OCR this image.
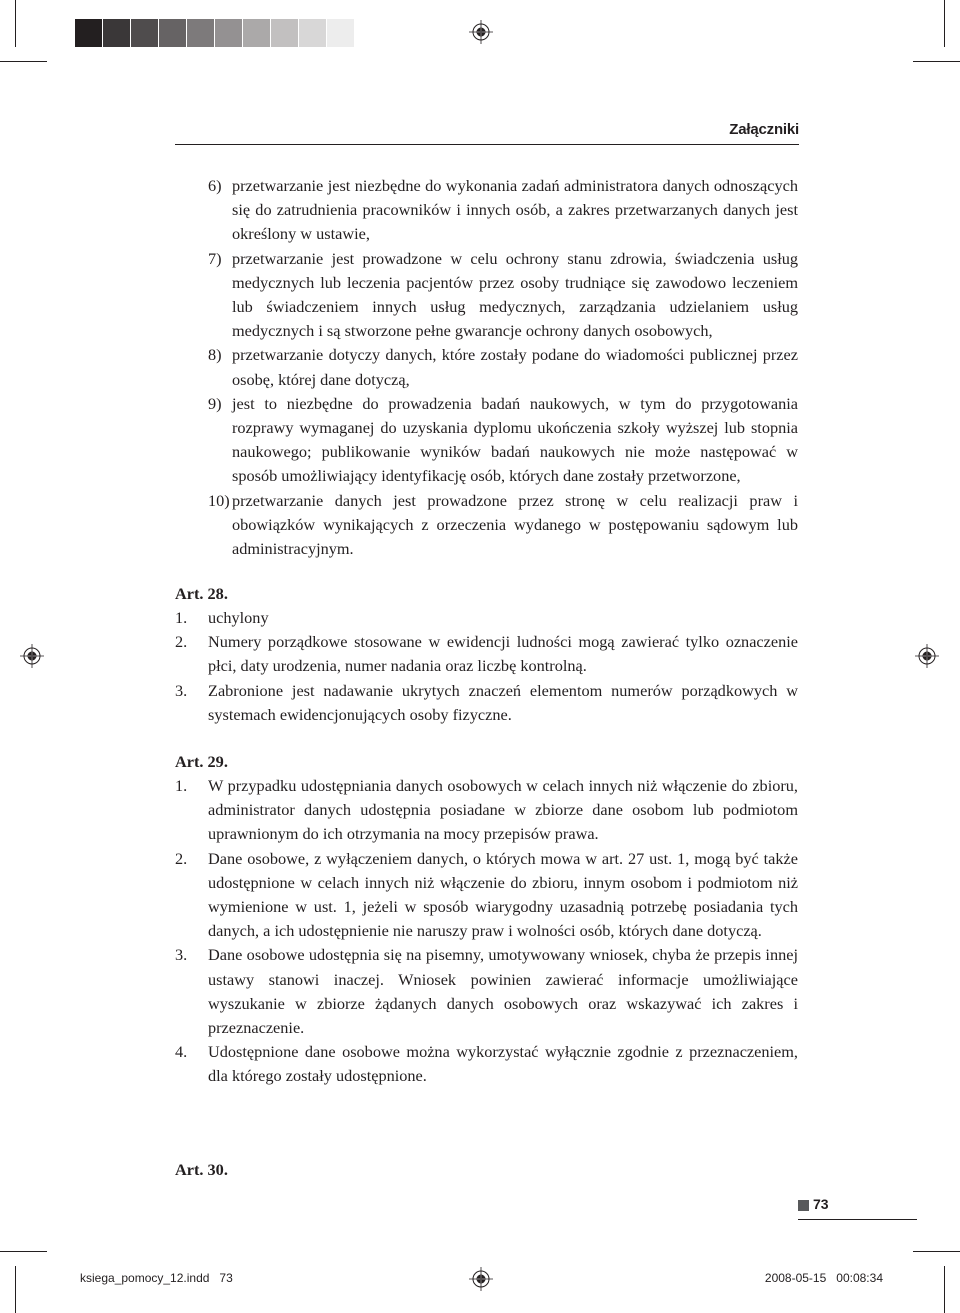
Załączniki
6) przetwarzanie jest niezbędne do wykonania zadań administratora danych odnoszących się do zatrudnienia pracowników i innych osób, a zakres przetwarzanych danych jest określony w ustawie,
7) przetwarzanie jest prowadzone w celu ochrony stanu zdrowia, świadczenia usług medycznych lub leczenia pacjentów przez osoby trudniące się zawodowo leczeniem lub świadczeniem innych usług medycznych, zarządzania udzielaniem usług medycznych i są stworzone pełne gwarancje ochrony danych osobowych,
8) przetwarzanie dotyczy danych, które zostały podane do wiadomości publicznej przez osobę, której dane dotyczą,
9) jest to niezbędne do prowadzenia badań naukowych, w tym do przygotowania rozprawy wymaganej do uzyskania dyplomu ukończenia szkoły wyższej lub stopnia naukowego; publikowanie wyników badań naukowych nie może następować w sposób umożliwiający identyfikację osób, których dane zostały przetworzone,
10) przetwarzanie danych jest prowadzone przez stronę w celu realizacji praw i obowiązków wynikających z orzeczenia wydanego w postępowaniu sądowym lub administracyjnym.
Art. 28.
1. uchylony
2. Numery porządkowe stosowane w ewidencji ludności mogą zawierać tylko oznaczenie płci, daty urodzenia, numer nadania oraz liczbę kontrolną.
3. Zabronione jest nadawanie ukrytych znaczeń elementom numerów porządkowych w systemach ewidencjonujących osoby fizyczne.
Art. 29.
1. W przypadku udostępniania danych osobowych w celach innych niż włączenie do zbioru, administrator danych udostępnia posiadane w zbiorze dane osobom lub podmiotom uprawnionym do ich otrzymania na mocy przepisów prawa.
2. Dane osobowe, z wyłączeniem danych, o których mowa w art. 27 ust. 1, mogą być także udostępnione w celach innych niż włączenie do zbioru, innym osobom i podmiotom niż wymienione w ust. 1, jeżeli w sposób wiarygodny uzasadnią potrzebę posiadania tych danych, a ich udostępnienie nie naruszy praw i wolności osób, których dane dotyczą.
3. Dane osobowe udostępnia się na pisemny, umotywowany wniosek, chyba że przepis innej ustawy stanowi inaczej. Wniosek powinien zawierać informacje umożliwiające wyszukanie w zbiorze żądanych danych osobowych oraz wskazywać ich zakres i przeznaczenie.
4. Udostępnione dane osobowe można wykorzystać wyłącznie zgodnie z przeznaczeniem, dla którego zostały udostępnione.
Art. 30.
73
ksiega_pomocy_12.indd   73	2008-05-15   00:08:34
